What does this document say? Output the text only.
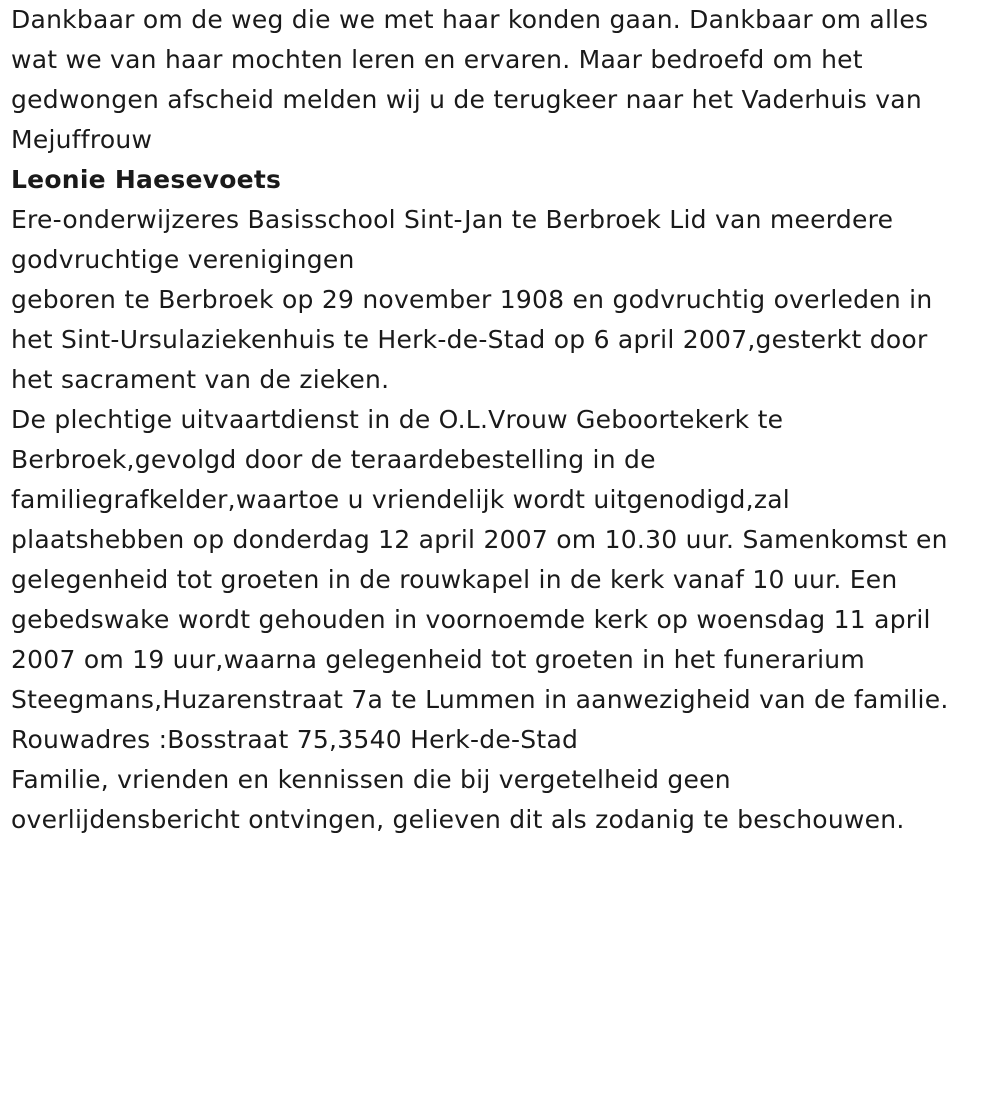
Dankbaar om de weg die we met haar konden gaan. Dankbaar om alles
wat we van haar mochten leren en ervaren. Maar bedroefd om het
gedwongen afscheid melden wij u de terugkeer naar het Vaderhuis van

Mejuffrouw

Leonie Haesevoets

Ere-onderwijzeres Basisschool Sint-Jan te Berbroek Lid van meerdere
godvruchtige verenigingen

geboren te Berbroek op 29 november 1908 en godvruchtig overleden in
het Sint-Ursulaziekenhuis te Herk-de-Stad op 6 april 2007,gesterkt door
het sacrament van de zieken.

De plechtige uitvaartdienst in de O.L.Vrouw Geboortekerk te
Berbroek,gevolgd door de teraardebestelling in de
familiegrafkelder,waartoe u vriendelijk wordt uitgenodigd,zal
plaatshebben op donderdag 12 april 2007 om 10.30 uur. Samenkomst en
gelegenheid tot groeten in de rouwkapel in de kerk vanaf 10 uur. Een
gebedswake wordt gehouden in voornoemde kerk op woensdag 11 april
2007 om 19 uur,waarna gelegenheid tot groeten in het funerarium
Steegmans,Huzarenstraat 7a te Lummen in aanwezigheid van de familie.

Rouwadres :Bosstraat 75,3540 Herk-de-Stad

Familie, vrienden en kennissen die bij vergetelheid geen
overlijdensbericht ontvingen, gelieven dit als zodanig te beschouwen.
